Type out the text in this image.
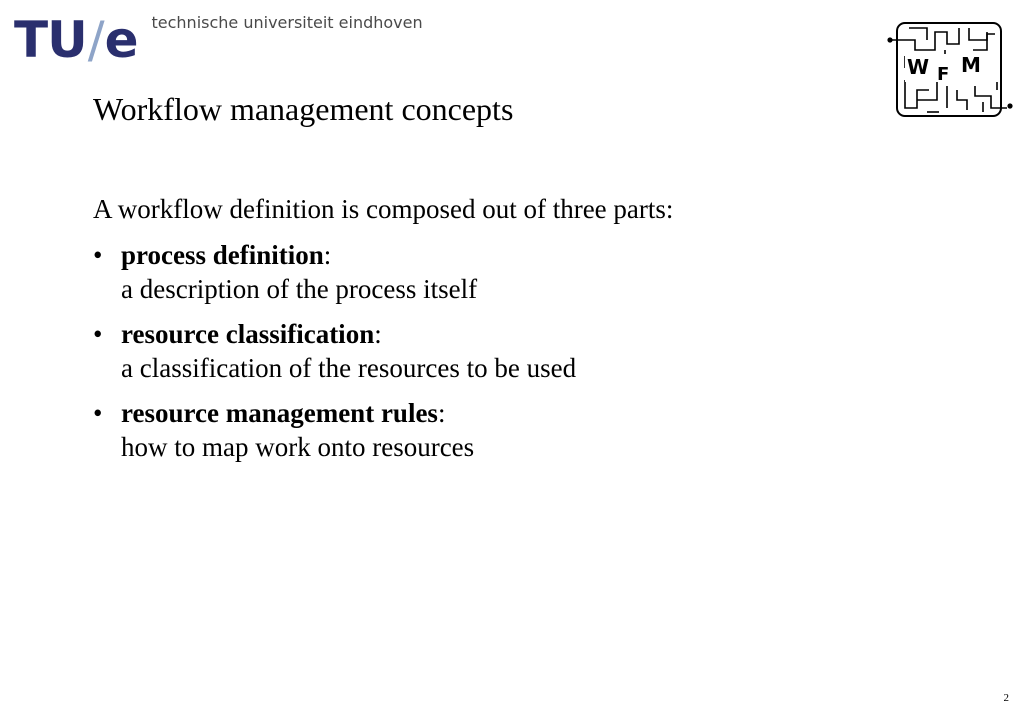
TU / e technische universiteit eindhoven
W F M
Workflow management concepts

A workflow definition is composed out of three parts:

• process definition:
a description of the process itself
• resource classification:
a classification of the resources to be used
• resource management rules:
how to map work onto resources
2
